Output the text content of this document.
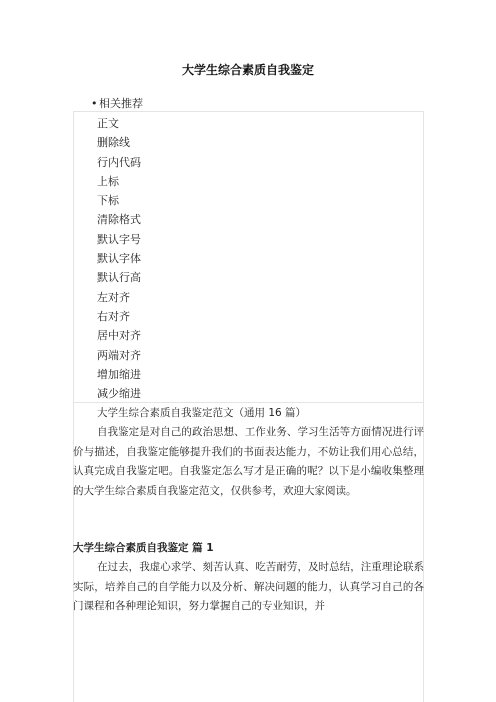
大学生综合素质自我鉴定
• 相关推荐
正文
删除线
行内代码
上标
下标
清除格式
默认字号
默认字体
默认行高
左对齐
右对齐
居中对齐
两端对齐
增加缩进
减少缩进

大学生综合素质自我鉴定范文（通用 16 篇）

自我鉴定是对自己的政治思想、工作业务、学习生活等方面情况进行评价与描述，自我鉴定能够提升我们的书面表达能力，不妨让我们用心总结，认真完成自我鉴定吧。自我鉴定怎么写才是正确的呢？以下是小编收集整理的大学生综合素质自我鉴定范文，仅供参考，欢迎大家阅读。

大学生综合素质自我鉴定 篇 1

在过去，我虚心求学、刻苦认真、吃苦耐劳，及时总结，注重理论联系实际，培养自己的自学能力以及分析、解决问题的能力，认真学习自己的各门课程和各种理论知识，努力掌握自己的专业知识，并
